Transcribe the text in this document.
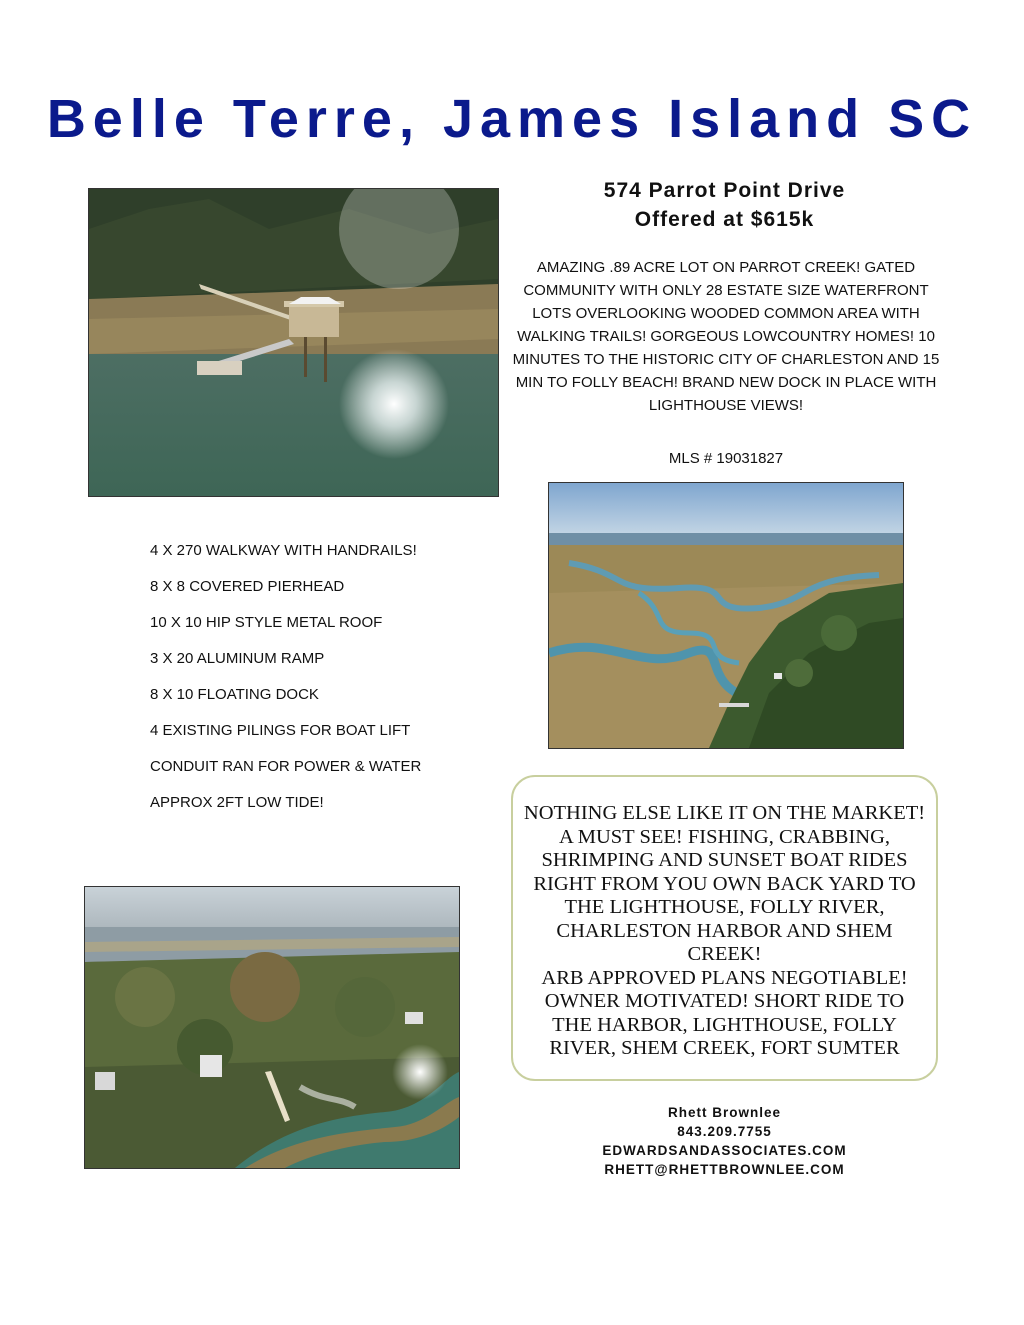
Belle Terre, James Island SC
574 Parrot Point Drive
Offered at $615k
AMAZING .89 ACRE LOT ON PARROT CREEK! GATED COMMUNITY WITH ONLY 28 ESTATE SIZE WATERFRONT LOTS OVERLOOKING WOODED COMMON AREA WITH WALKING TRAILS! GORGEOUS LOWCOUNTRY HOMES! 10 MINUTES TO THE HISTORIC CITY OF CHARLESTON AND 15 MIN TO FOLLY BEACH! BRAND NEW DOCK IN PLACE WITH LIGHTHOUSE VIEWS!
MLS # 19031827
4 X 270 WALKWAY WITH HANDRAILS!
8 X 8 COVERED PIERHEAD
10 X 10 HIP STYLE METAL ROOF
3 X 20 ALUMINUM RAMP
8 X 10 FLOATING DOCK
4 EXISTING PILINGS FOR BOAT LIFT
CONDUIT RAN FOR POWER & WATER
APPROX 2FT LOW TIDE!	NOTHING ELSE LIKE IT ON THE MARKET! A MUST SEE! FISHING, CRABBING, SHRIMPING AND SUNSET BOAT RIDES RIGHT FROM YOU OWN BACK YARD TO THE LIGHTHOUSE, FOLLY RIVER, CHARLESTON HARBOR AND SHEM CREEK!

ARB APPROVED PLANS NEGOTIABLE! OWNER MOTIVATED! SHORT RIDE TO THE HARBOR, LIGHTHOUSE, FOLLY RIVER, SHEM CREEK, FORT SUMTER

Rhett Brownlee
843.209.7755
EDWARDSANDASSOCIATES.COM
RHETT@RHETTBROWNLEE.COM
